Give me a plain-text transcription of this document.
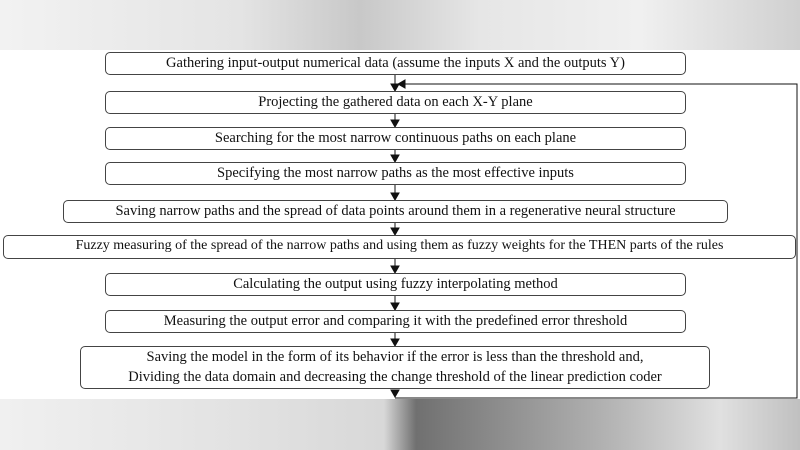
Gathering input-output numerical data (assume the inputs X and the outputs Y)
Projecting the gathered data on each X-Y plane
Searching for the most narrow continuous paths on each plane
Specifying the most narrow paths as the most effective inputs
Saving narrow paths and the spread of data points around them in a regenerative neural structure
Fuzzy measuring of the spread of the narrow paths and using them as fuzzy weights for the THEN parts of the rules
Calculating the output using fuzzy interpolating method
Measuring the output error and comparing it with the predefined error threshold
Saving the model in the form of its behavior if the error is less than the threshold and,
Dividing the data domain and decreasing the change threshold of the linear prediction coder
